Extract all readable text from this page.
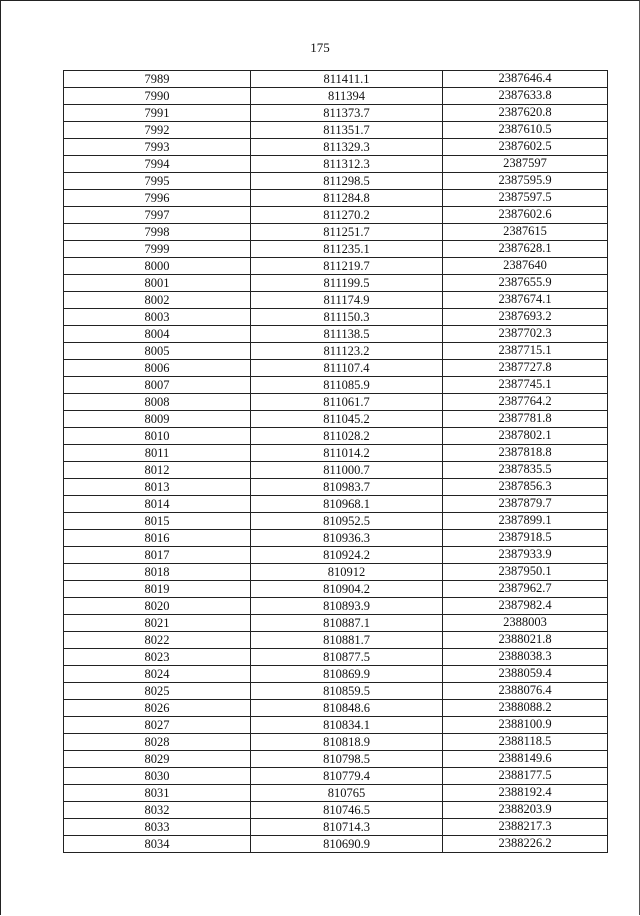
175
7989	811411.1	2387646.4
7990	811394	2387633.8
7991	811373.7	2387620.8
7992	811351.7	2387610.5
7993	811329.3	2387602.5
7994	811312.3	2387597
7995	811298.5	2387595.9
7996	811284.8	2387597.5
7997	811270.2	2387602.6
7998	811251.7	2387615
7999	811235.1	2387628.1
8000	811219.7	2387640
8001	811199.5	2387655.9
8002	811174.9	2387674.1
8003	811150.3	2387693.2
8004	811138.5	2387702.3
8005	811123.2	2387715.1
8006	811107.4	2387727.8
8007	811085.9	2387745.1
8008	811061.7	2387764.2
8009	811045.2	2387781.8
8010	811028.2	2387802.1
8011	811014.2	2387818.8
8012	811000.7	2387835.5
8013	810983.7	2387856.3
8014	810968.1	2387879.7
8015	810952.5	2387899.1
8016	810936.3	2387918.5
8017	810924.2	2387933.9
8018	810912	2387950.1
8019	810904.2	2387962.7
8020	810893.9	2387982.4
8021	810887.1	2388003
8022	810881.7	2388021.8
8023	810877.5	2388038.3
8024	810869.9	2388059.4
8025	810859.5	2388076.4
8026	810848.6	2388088.2
8027	810834.1	2388100.9
8028	810818.9	2388118.5
8029	810798.5	2388149.6
8030	810779.4	2388177.5
8031	810765	2388192.4
8032	810746.5	2388203.9
8033	810714.3	2388217.3
8034	810690.9	2388226.2
